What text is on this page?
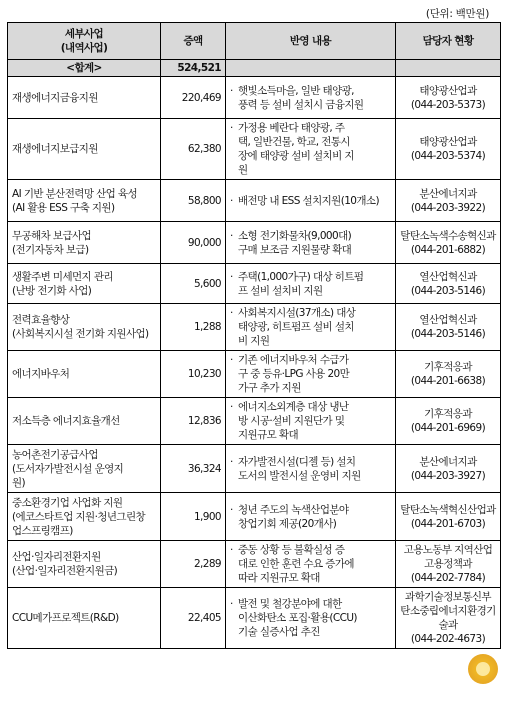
(단위: 백만원)
세부사업
(내역사업)	증액	반영 내용	담당자 현황
<합계>	524,521		

재생에너지금융지원	220,469	· 햇빛소득마을, 일반 태양광,
풍력 등 설비 설치시 금융지원	태양광산업과
(044-203-5373)

재생에너지보급지원	62,380	· 가정용 베란다 태양광, 주
택, 일반건물, 학교, 전통시
장에 태양광 설비 설치비 지
원	태양광산업과
(044-203-5374)

AI 기반 분산전력망 산업 육성
(AI 활용 ESS 구축 지원)	58,800	· 배전망 내 ESS 설치지원(10개소)	분산에너지과
(044-203-3922)

무공해차 보급사업
(전기자동차 보급)	90,000	· 소형 전기화물차(9,000대)
구매 보조금 지원물량 확대	탈탄소녹색수송혁신과
(044-201-6882)

생활주변 미세먼지 관리
(난방 전기화 사업)	5,600	· 주택(1,000가구) 대상 히트펌
프 설비 설치비 지원	열산업혁신과
(044-203-5146)

전력효율향상
(사회복지시설 전기화 지원사업)	1,288	· 사회복지시설(37개소) 대상
태양광, 히트펌프 설비 설치
비 지원	열산업혁신과
(044-203-5146)

에너지바우처	10,230	· 기존 에너지바우처 수급가
구 중 등유·LPG 사용 20만
가구 추가 지원	기후적응과
(044-201-6638)

저소득층 에너지효율개선	12,836	· 에너지소외계층 대상 냉난
방 시공·설비 지원단가 및
지원규모 확대	기후적응과
(044-201-6969)

농어촌전기공급사업
(도서자가발전시설 운영지
원)	36,324	· 자가발전시설(디젤 등) 설치
도서의 발전시설 운영비 지원	분산에너지과
(044-203-3927)

중소환경기업 사업화 지원
(에코스타트업 지원·청년그린창
업스프링캠프)	1,900	· 청년 주도의 녹색산업분야
창업기회 제공(20개사)	탈탄소녹색혁신산업과
(044-201-6703)

산업·일자리전환지원
(산업·일자리전환지원금)	2,289	· 중동 상황 등 불확실성 증
대로 인한 훈련 수요 증가에
따라 지원규모 확대	고용노동부 지역산업고용정책과
(044-202-7784)

CCU메가프로젝트(R&D)	22,405	· 발전 및 철강분야에 대한
이산화탄소 포집·활용(CCU)
기술 실증사업 추진	과학기술정보통신부 탄소중립에너지환경기술과
(044-202-4673)
